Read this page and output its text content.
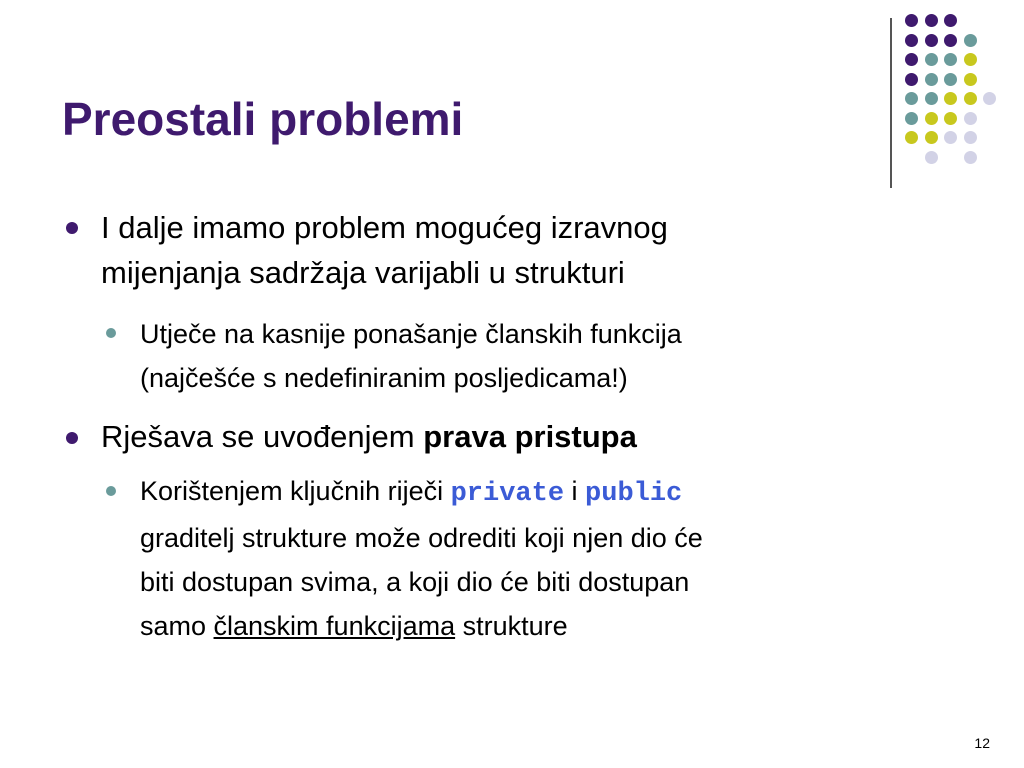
Preostali problemi
I dalje imamo problem mogućeg izravnog
mijenjanja sadržaja varijabli u strukturi
Utječe na kasnije ponašanje članskih funkcija
(najčešće s nedefiniranim posljedicama!)
Rješava se uvođenjem prava pristupa
Korištenjem ključnih riječi private i public
graditelj strukture može odrediti koji njen dio će
biti dostupan svima, a koji dio će biti dostupan
samo članskim funkcijama strukture
12
